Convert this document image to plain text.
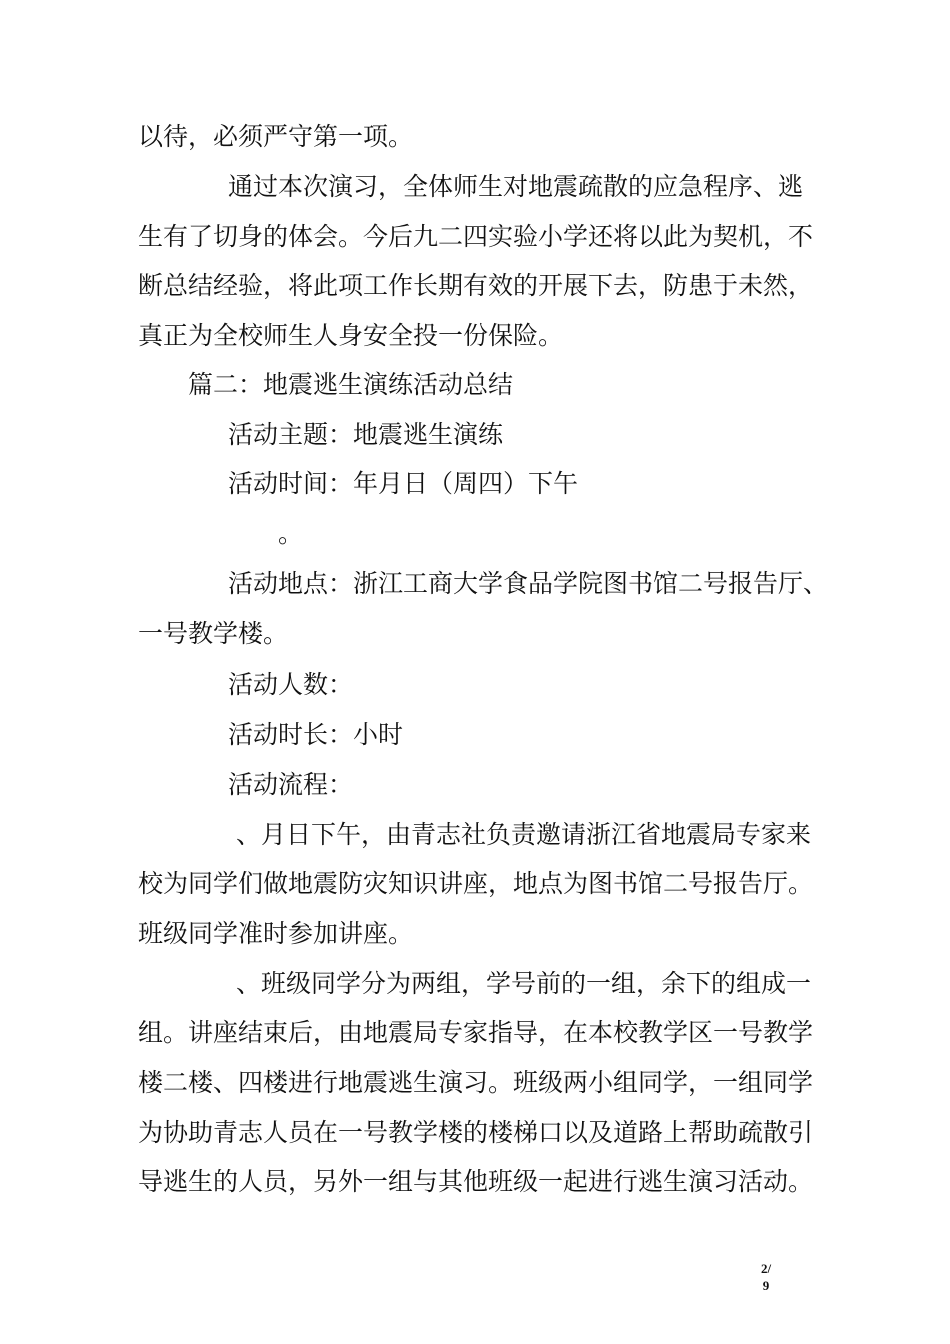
以待，必须严守第一项。
通过本次演习，全体师生对地震疏散的应急程序、逃
生有了切身的体会。今后九二四实验小学还将以此为契机，不
断总结经验，将此项工作长期有效的开展下去，防患于未然，
真正为全校师生人身安全投一份保险。
篇二：地震逃生演练活动总结
活动主题：地震逃生演练
活动时间：年月日（周四）下午
。
活动地点：浙江工商大学食品学院图书馆二号报告厅、
一号教学楼。
活动人数：
活动时长：小时
活动流程：
、月日下午，由青志社负责邀请浙江省地震局专家来
校为同学们做地震防灾知识讲座，地点为图书馆二号报告厅。
班级同学准时参加讲座。
、班级同学分为两组，学号前的一组，余下的组成一
组。讲座结束后，由地震局专家指导，在本校教学区一号教学
楼二楼、四楼进行地震逃生演习。班级两小组同学，一组同学
为协助青志人员在一号教学楼的楼梯口以及道路上帮助疏散引
导逃生的人员，另外一组与其他班级一起进行逃生演习活动。
2/
9
